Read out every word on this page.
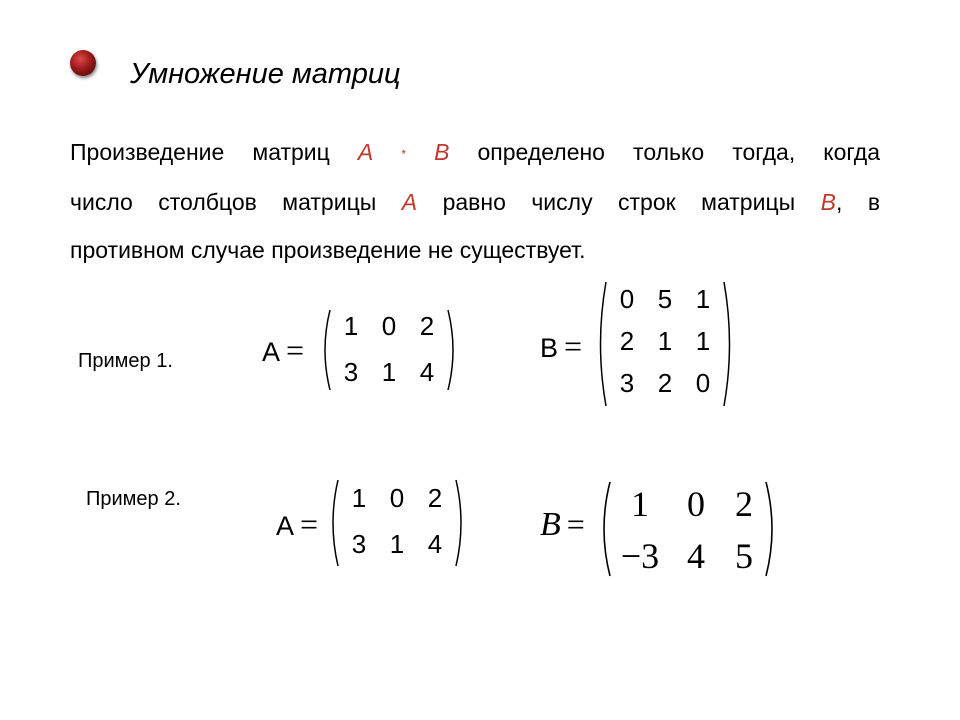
Умножение матриц
Произведение матриц A * B определено только тогда, когда
число столбцов матрицы A равно числу строк матрицы B, в
противном случае произведение не существует.
Пример 1.	A =
1 0 2
3 1 4
B =
0 5 1
2 1 1
3 2 0
Пример 2.
A =
1 0 2
3 1 4
B =	1	0 2
−3 4 5
